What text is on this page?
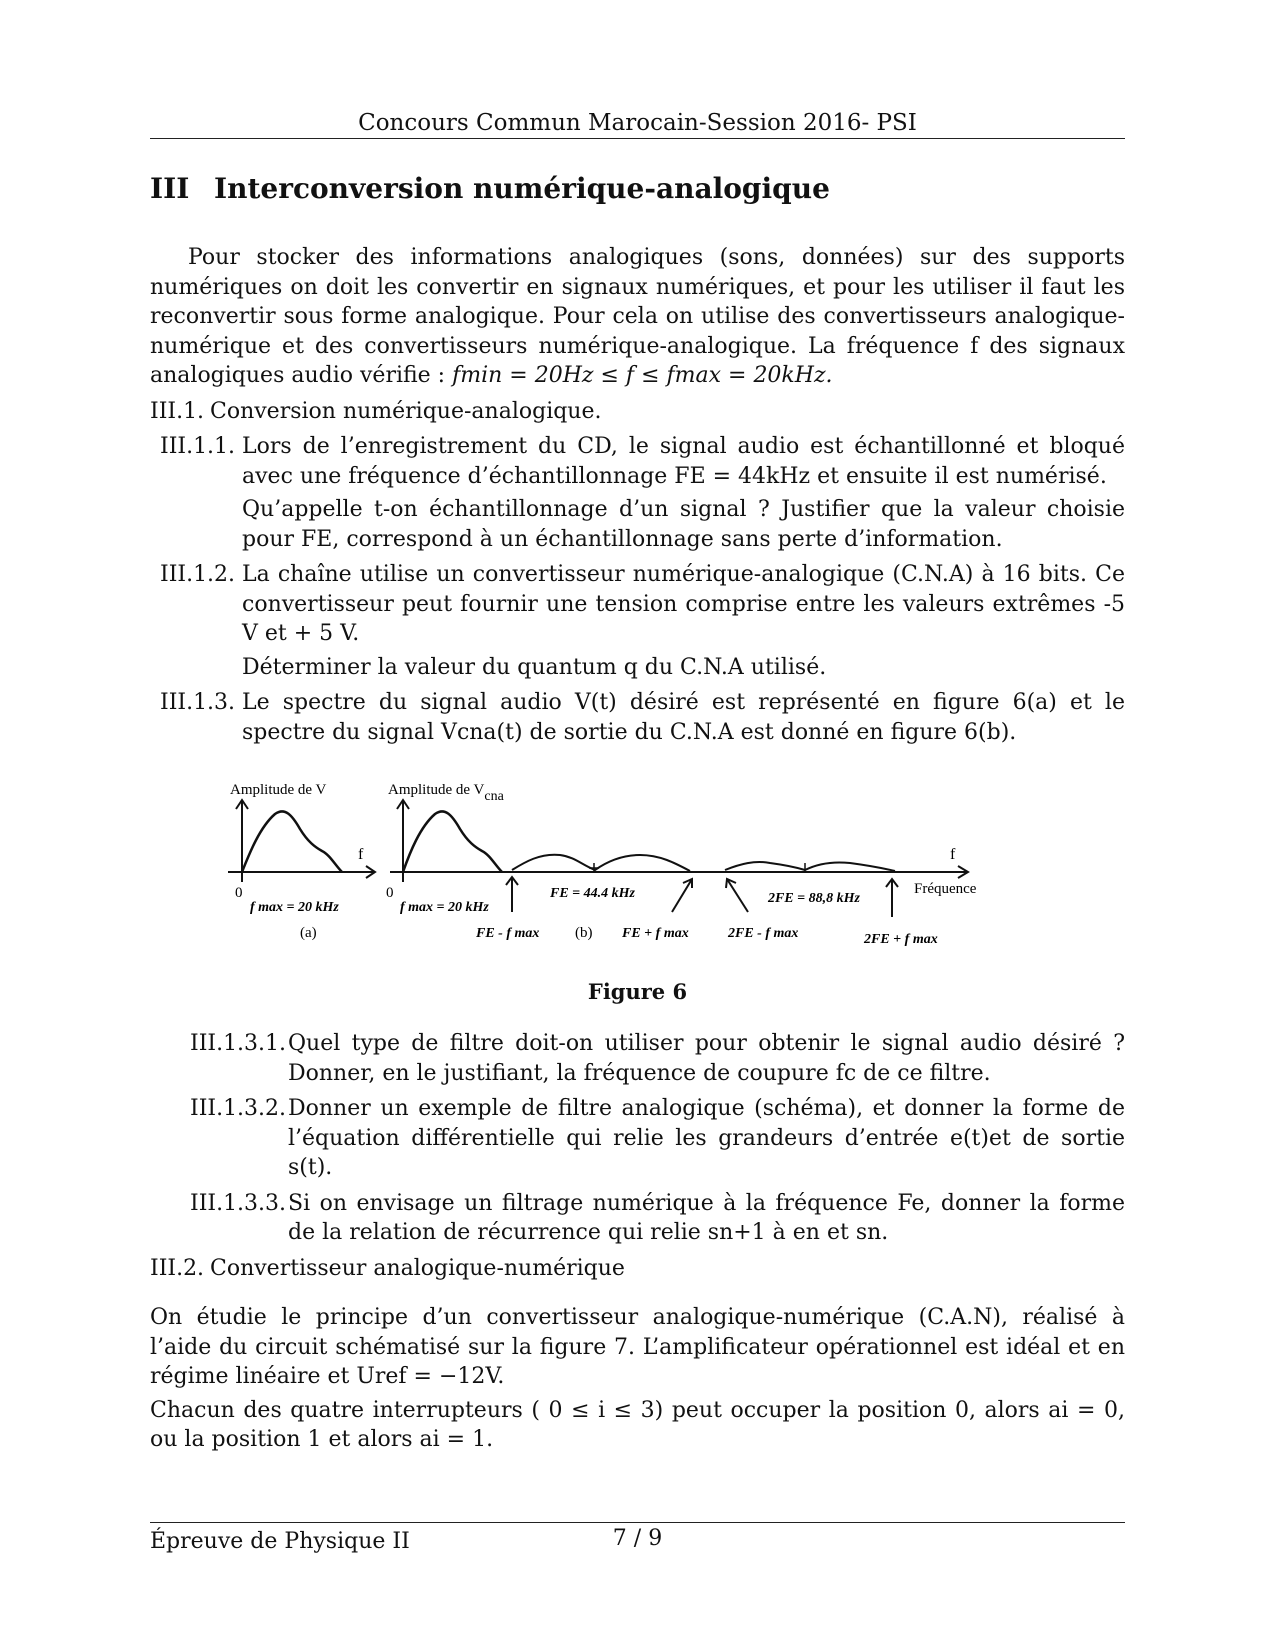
Concours Commun Marocain-Session 2016- PSI
III Interconversion numérique-analogique
Pour stocker des informations analogiques (sons, données) sur des supports numériques on doit les convertir en signaux numériques, et pour les utiliser il faut les reconvertir sous forme analogique. Pour cela on utilise des convertisseurs analogique-numérique et des convertisseurs numérique-analogique. La fréquence f des signaux analogiques audio vérifie : fmin = 20Hz ≤ f ≤ fmax = 20kHz.
III.1. Conversion numérique-analogique.
III.1.1. Lors de l’enregistrement du CD, le signal audio est échantillonné et bloqué avec une fréquence d’échantillonnage FE = 44kHz et ensuite il est numérisé.
Qu’appelle t-on échantillonnage d’un signal ? Justifier que la valeur choisie pour FE, correspond à un échantillonnage sans perte d’information.
III.1.2. La chaîne utilise un convertisseur numérique-analogique (C.N.A) à 16 bits. Ce convertisseur peut fournir une tension comprise entre les valeurs extrêmes -5 V et + 5 V.
Déterminer la valeur du quantum q du C.N.A utilisé.
III.1.3. Le spectre du signal audio V(t) désiré est représenté en figure 6(a) et le spectre du signal Vcna(t) de sortie du C.N.A est donné en figure 6(b).
Amplitude de V	Amplitude de Vcna
f	f
0	0
f max = 20 kHz	f max = 20 kHz
(a)	(b)
FE = 44.4 kHz	2FE = 88,8 kHz
Fréquence
FE - f max	FE + f max	2FE - f max	2FE + f max
Figure 6
III.1.3.1. Quel type de filtre doit-on utiliser pour obtenir le signal audio désiré ? Donner, en le justifiant, la fréquence de coupure fc de ce filtre.
III.1.3.2. Donner un exemple de filtre analogique (schéma), et donner la forme de l’équation différentielle qui relie les grandeurs d’entrée e(t)et de sortie s(t).
III.1.3.3. Si on envisage un filtrage numérique à la fréquence Fe, donner la forme de la relation de récurrence qui relie sn+1 à en et sn.
III.2. Convertisseur analogique-numérique
On étudie le principe d’un convertisseur analogique-numérique (C.A.N), réalisé à l’aide du circuit schématisé sur la figure 7. L’amplificateur opérationnel est idéal et en régime linéaire et Uref = −12V.
Chacun des quatre interrupteurs ( 0 ≤ i ≤ 3) peut occuper la position 0, alors ai = 0, ou la position 1 et alors ai = 1.
Épreuve de Physique II	7 / 9
